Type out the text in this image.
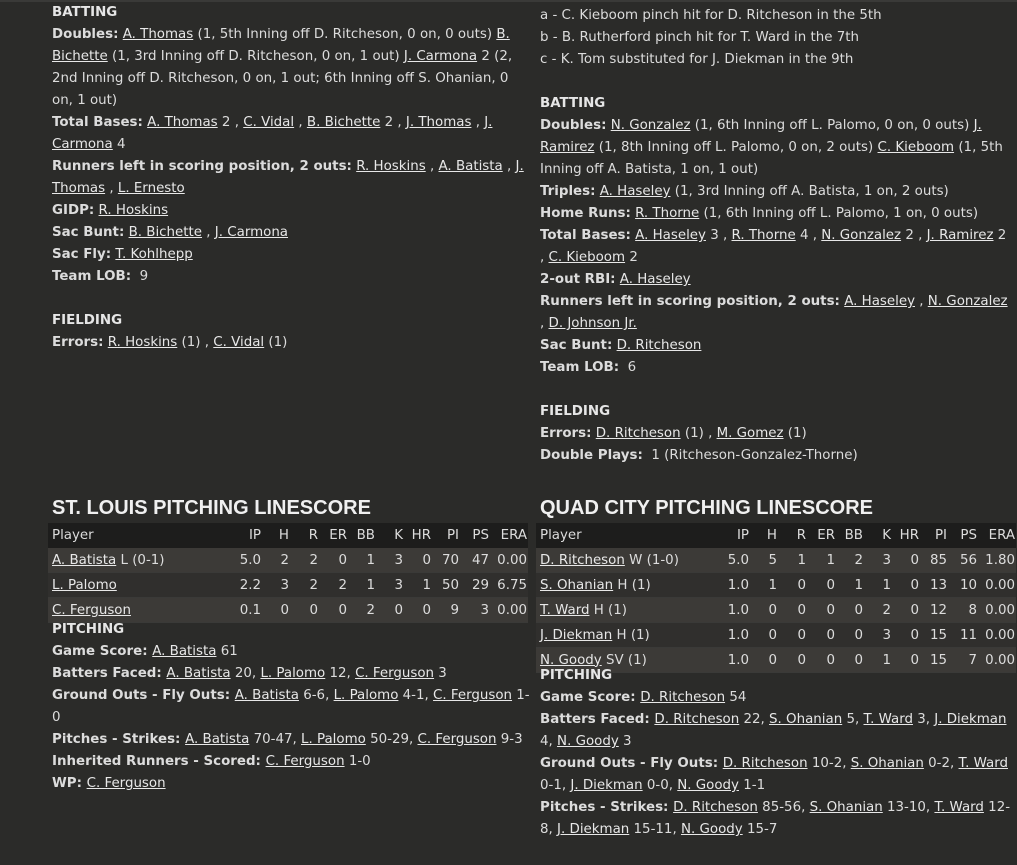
BATTING
Doubles: A. Thomas (1, 5th Inning off D. Ritcheson, 0 on, 0 outs) B. Bichette (1, 3rd Inning off D. Ritcheson, 0 on, 1 out) J. Carmona 2 (2, 2nd Inning off D. Ritcheson, 0 on, 1 out; 6th Inning off S. Ohanian, 0 on, 1 out)
Total Bases: A. Thomas 2 , C. Vidal , B. Bichette 2 , J. Thomas , J. Carmona 4
Runners left in scoring position, 2 outs: R. Hoskins , A. Batista , J. Thomas , L. Ernesto
GIDP: R. Hoskins
Sac Bunt: B. Bichette , J. Carmona
Sac Fly: T. Kohlhepp
Team LOB: 9
FIELDING
Errors: R. Hoskins (1) , C. Vidal (1)
a - C. Kieboom pinch hit for D. Ritcheson in the 5th
b - B. Rutherford pinch hit for T. Ward in the 7th
c - K. Tom substituted for J. Diekman in the 9th
BATTING
Doubles: N. Gonzalez (1, 6th Inning off L. Palomo, 0 on, 0 outs) J. Ramirez (1, 8th Inning off L. Palomo, 0 on, 2 outs) C. Kieboom (1, 5th Inning off A. Batista, 1 on, 1 out)
Triples: A. Haseley (1, 3rd Inning off A. Batista, 1 on, 2 outs)
Home Runs: R. Thorne (1, 6th Inning off L. Palomo, 1 on, 0 outs)
Total Bases: A. Haseley 3 , R. Thorne 4 , N. Gonzalez 2 , J. Ramirez 2 , C. Kieboom 2
2-out RBI: A. Haseley
Runners left in scoring position, 2 outs: A. Haseley , N. Gonzalez , D. Johnson Jr.
Sac Bunt: D. Ritcheson
Team LOB: 6
FIELDING
Errors: D. Ritcheson (1) , M. Gomez (1)
Double Plays: 1 (Ritcheson-Gonzalez-Thorne)
ST. LOUIS PITCHING LINESCORE
Player	IP	H	R	ER	BB	K	HR	PI	PS	ERA
A. Batista L (0-1)	5.0	2	2	0	1	3	0	70	47	0.00
L. Palomo	2.2	3	2	2	1	3	1	50	29	6.75
C. Ferguson	0.1	0	0	0	2	0	0	9	3	0.00
PITCHING
Game Score: A. Batista 61
Batters Faced: A. Batista 20, L. Palomo 12, C. Ferguson 3
Ground Outs - Fly Outs: A. Batista 6-6, L. Palomo 4-1, C. Ferguson 1-0
Pitches - Strikes: A. Batista 70-47, L. Palomo 50-29, C. Ferguson 9-3
Inherited Runners - Scored: C. Ferguson 1-0
WP: C. Ferguson
QUAD CITY PITCHING LINESCORE
Player	IP	H	R	ER	BB	K	HR	PI	PS	ERA
D. Ritcheson W (1-0)	5.0	5	1	1	2	3	0	85	56	1.80
S. Ohanian H (1)	1.0	1	0	0	1	1	0	13	10	0.00
T. Ward H (1)	1.0	0	0	0	0	2	0	12	8	0.00
J. Diekman H (1)	1.0	0	0	0	0	3	0	15	11	0.00
N. Goody SV (1)	1.0	0	0	0	0	1	0	15	7	0.00
PITCHING
Game Score: D. Ritcheson 54
Batters Faced: D. Ritcheson 22, S. Ohanian 5, T. Ward 3, J. Diekman 4, N. Goody 3
Ground Outs - Fly Outs: D. Ritcheson 10-2, S. Ohanian 0-2, T. Ward 0-1, J. Diekman 0-0, N. Goody 1-1
Pitches - Strikes: D. Ritcheson 85-56, S. Ohanian 13-10, T. Ward 12-8, J. Diekman 15-11, N. Goody 15-7
